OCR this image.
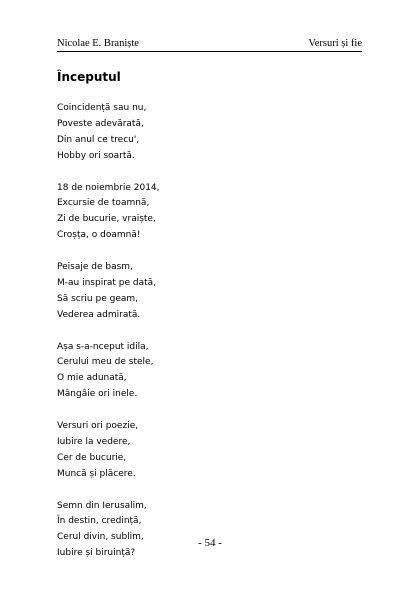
Nicolae E. Braniște	Versuri și fie
Începutul
Coincidență sau nu,
Poveste adevărată,
Din anul ce trecu',
Hobby ori soartă.
18 de noiembrie 2014,
Excursie de toamnă,
Zi de bucurie, vraiște,
Croșța, o doamnă!
Peisaje de basm,
M-au inspirat pe dată,
Să scriu pe geam,
Vederea admirată.
Așa s-a-nceput idila,
Cerului meu de stele,
O mie adunată,
Mângâie ori inele.
Versuri ori poezie,
Iubire la vedere,
Cer de bucurie,
Muncă și plăcere.
Semn din Ierusalim,
În destin, credință,
Cerul divin, sublim,
Iubire și biruință?
- 54 -
